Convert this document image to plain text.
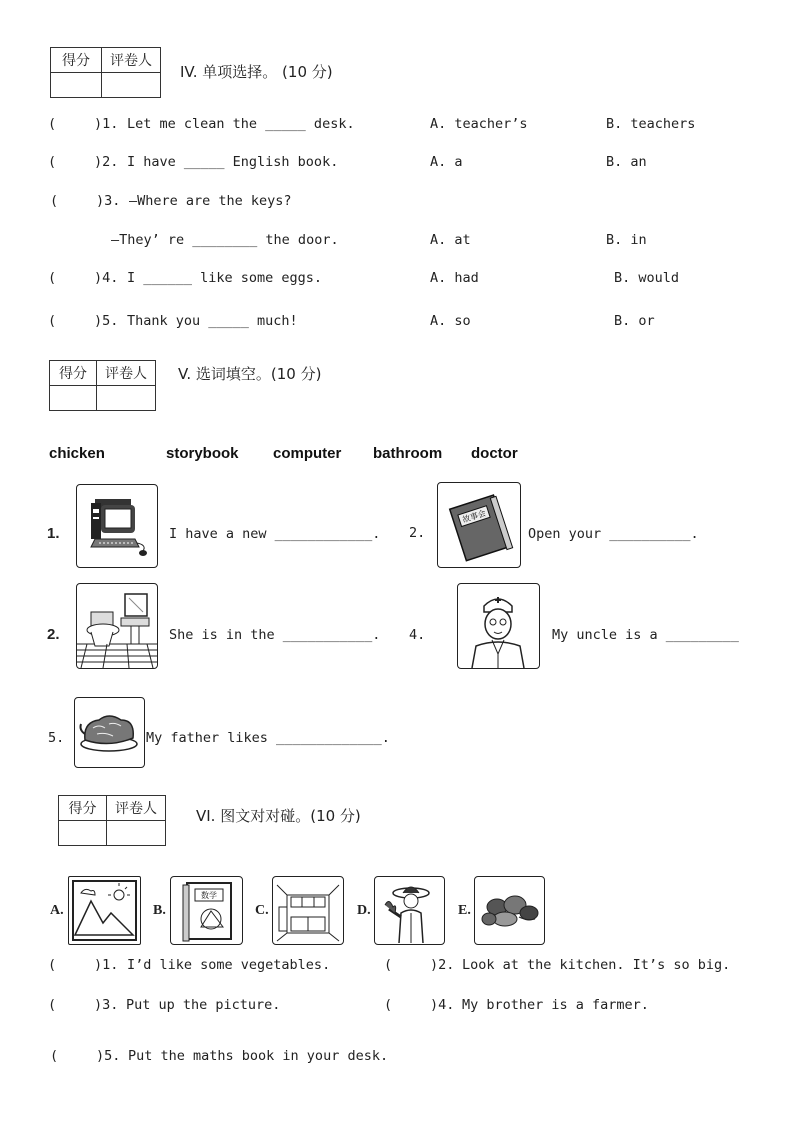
得分	评卷人

IV. 单项选择。 (10 分)
(	)1. Let me clean the _____ desk.	A. teacher’s	B. teachers
(	)2. I have _____ English book.	A. a	B. an
(	)3. —Where are the keys?
—They’ re ________ the door.	A. at	B. in
(	)4. I ______ like some eggs.	A. had	B. would
(	)5. Thank you _____ much!	A. so	B. or
得分	评卷人
	V. 选词填空。(10 分)
chicken	storybook computer bathroom doctor
1.	I have a new ____________. 2.
故事会
Open your __________.
2.	She is in the ___________. 4.	My uncle is a _________
5.	My father likes _____________.
得分	评卷人
		VI. 图文对对碰。(10 分)
A.	B.
数学
C.	D.	E.
(	)1. I’d like some vegetables.	(	)2. Look at the kitchen. It’s so big.
(	)3. Put up the picture.	(	)4. My brother is a farmer.
(	)5. Put the maths book in your desk.
